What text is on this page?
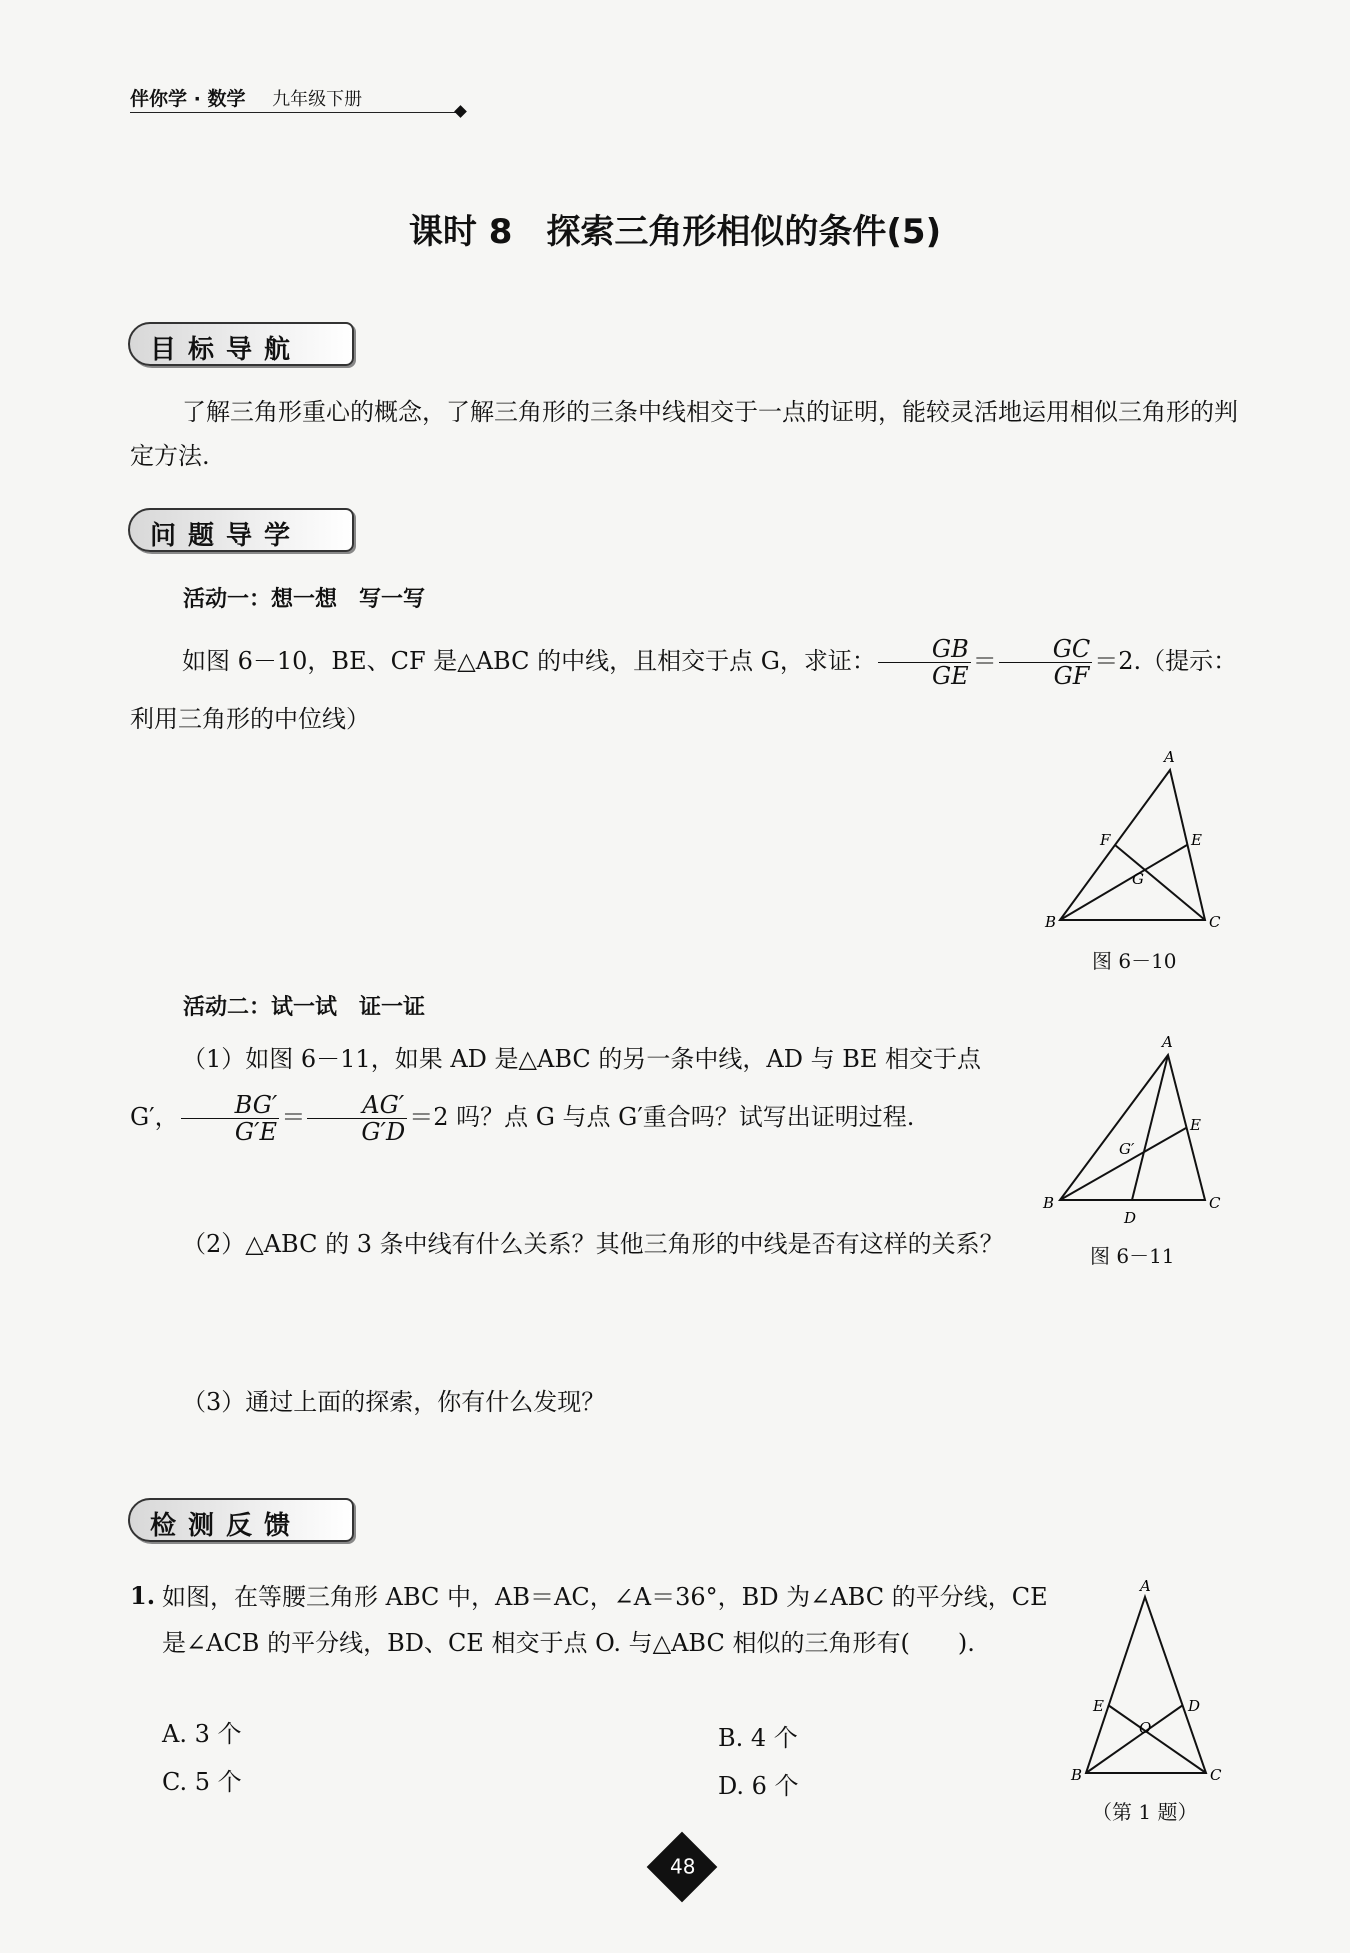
伴你学 · 数学 九年级下册
课时 8　探索三角形相似的条件(5)
目标导航
了解三角形重心的概念，了解三角形的三条中线相交于一点的证明，能较灵活地运用相似三角形的判定方法.
问题导学
活动一：想一想　写一写
如图 6－10，BE、CF 是△ABC 的中线，且相交于点 G，求证： $\frac{GB}{GE} = \frac{GC}{GF} =2$.（提示：利用三角形的中位线）
A
B	C
E
F
G
图 6－10
活动二：试一试　证一证
（1）如图 6－11，如果 AD 是△ABC 的另一条中线，AD 与 BE 相交于点 G′， $\frac{BG'}{G'E} = \frac{AG'}{G'D} =2$ 吗？点 G 与点 G′重合吗？试写出证明过程.
A
B	C
E
D
G′
图 6－11
（2）△ABC 的 3 条中线有什么关系？其他三角形的中线是否有这样的关系？
（3）通过上面的探索，你有什么发现？
检测反馈
1. 如图，在等腰三角形 ABC 中，AB＝AC，∠A＝36°，BD 为∠ABC 的平分线，CE 是∠ACB 的平分线，BD、CE 相交于点 O. 与△ABC 相似的三角形有(　　).
A. 3 个	B. 4 个
C. 5 个	D. 6 个
A
B	C
D
E
O
（第 1 题）
48
